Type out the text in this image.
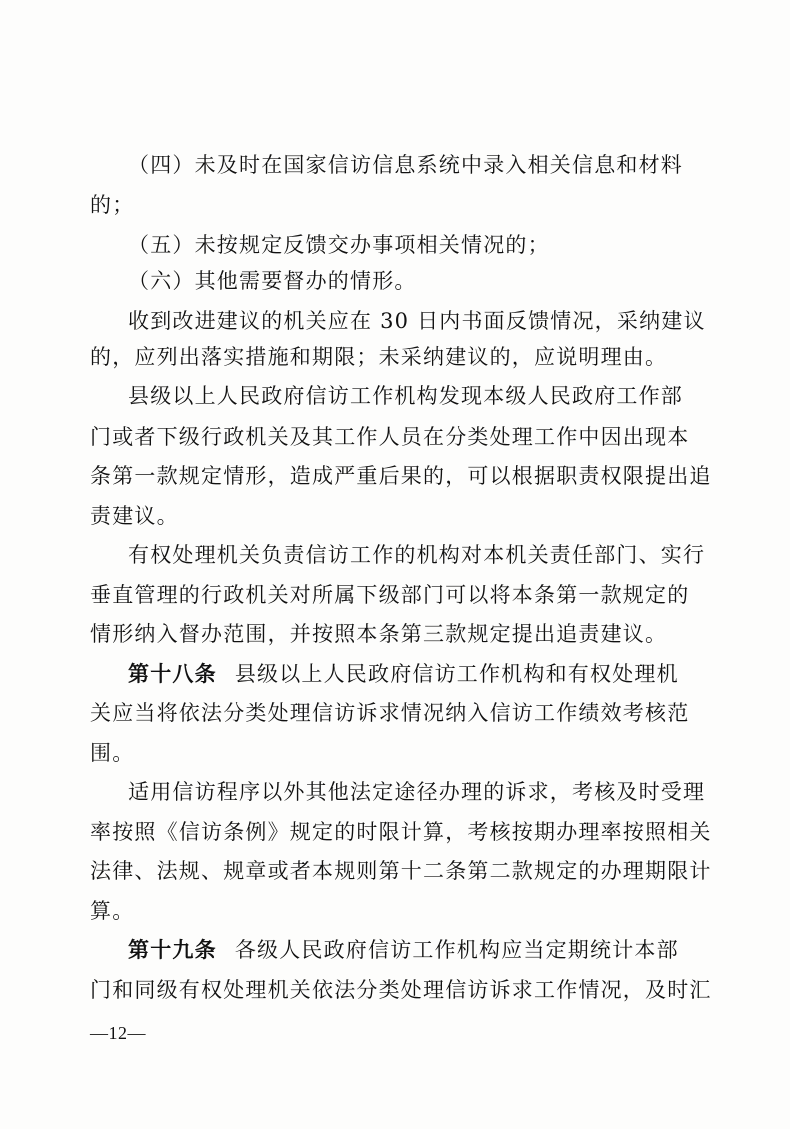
（四）未及时在国家信访信息系统中录入相关信息和材料
的；
（五）未按规定反馈交办事项相关情况的；
（六）其他需要督办的情形。
收到改进建议的机关应在 30 日内书面反馈情况，采纳建议
的，应列出落实措施和期限；未采纳建议的，应说明理由。
县级以上人民政府信访工作机构发现本级人民政府工作部
门或者下级行政机关及其工作人员在分类处理工作中因出现本
条第一款规定情形，造成严重后果的，可以根据职责权限提出追
责建议。
有权处理机关负责信访工作的机构对本机关责任部门、实行
垂直管理的行政机关对所属下级部门可以将本条第一款规定的
情形纳入督办范围，并按照本条第三款规定提出追责建议。
第十八条 县级以上人民政府信访工作机构和有权处理机
关应当将依法分类处理信访诉求情况纳入信访工作绩效考核范
围。
适用信访程序以外其他法定途径办理的诉求，考核及时受理
率按照《信访条例》规定的时限计算，考核按期办理率按照相关
法律、法规、规章或者本规则第十二条第二款规定的办理期限计
算。
第十九条 各级人民政府信访工作机构应当定期统计本部
门和同级有权处理机关依法分类处理信访诉求工作情况，及时汇
—12—
